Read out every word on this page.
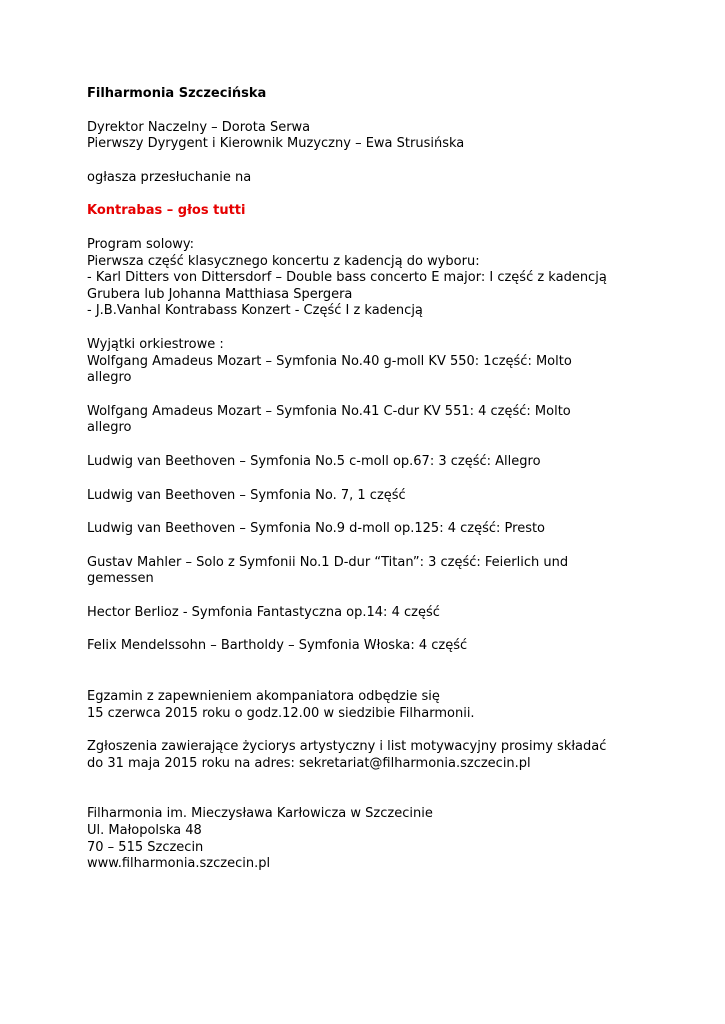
Filharmonia Szczecińska
Dyrektor Naczelny – Dorota Serwa
Pierwszy Dyrygent i Kierownik Muzyczny – Ewa Strusińska
ogłasza przesłuchanie na
Kontrabas – głos tutti
Program solowy:
Pierwsza część klasycznego koncertu z kadencją do wyboru:
- Karl Ditters von Dittersdorf – Double bass concerto E major: I część z kadencją
Grubera lub Johanna Matthiasa Spergera
- J.B.Vanhal Kontrabass Konzert - Część I z kadencją
Wyjątki orkiestrowe :
Wolfgang Amadeus Mozart – Symfonia No.40 g-moll KV 550: 1część: Molto
allegro
Wolfgang Amadeus Mozart – Symfonia No.41 C-dur KV 551: 4 część: Molto
allegro
Ludwig van Beethoven – Symfonia No.5 c-moll op.67: 3 część: Allegro
Ludwig van Beethoven – Symfonia No. 7, 1 część
Ludwig van Beethoven – Symfonia No.9 d-moll op.125: 4 część: Presto
Gustav Mahler – Solo z Symfonii No.1 D-dur “Titan”: 3 część: Feierlich und
gemessen
Hector Berlioz - Symfonia Fantastyczna op.14: 4 część
Felix Mendelssohn – Bartholdy – Symfonia Włoska: 4 część
Egzamin z zapewnieniem akompaniatora odbędzie się
15 czerwca 2015 roku o godz.12.00 w siedzibie Filharmonii.
Zgłoszenia zawierające życiorys artystyczny i list motywacyjny prosimy składać
do 31 maja 2015 roku na adres: sekretariat@filharmonia.szczecin.pl
Filharmonia im. Mieczysława Karłowicza w Szczecinie
Ul. Małopolska 48
70 – 515 Szczecin
www.filharmonia.szczecin.pl
